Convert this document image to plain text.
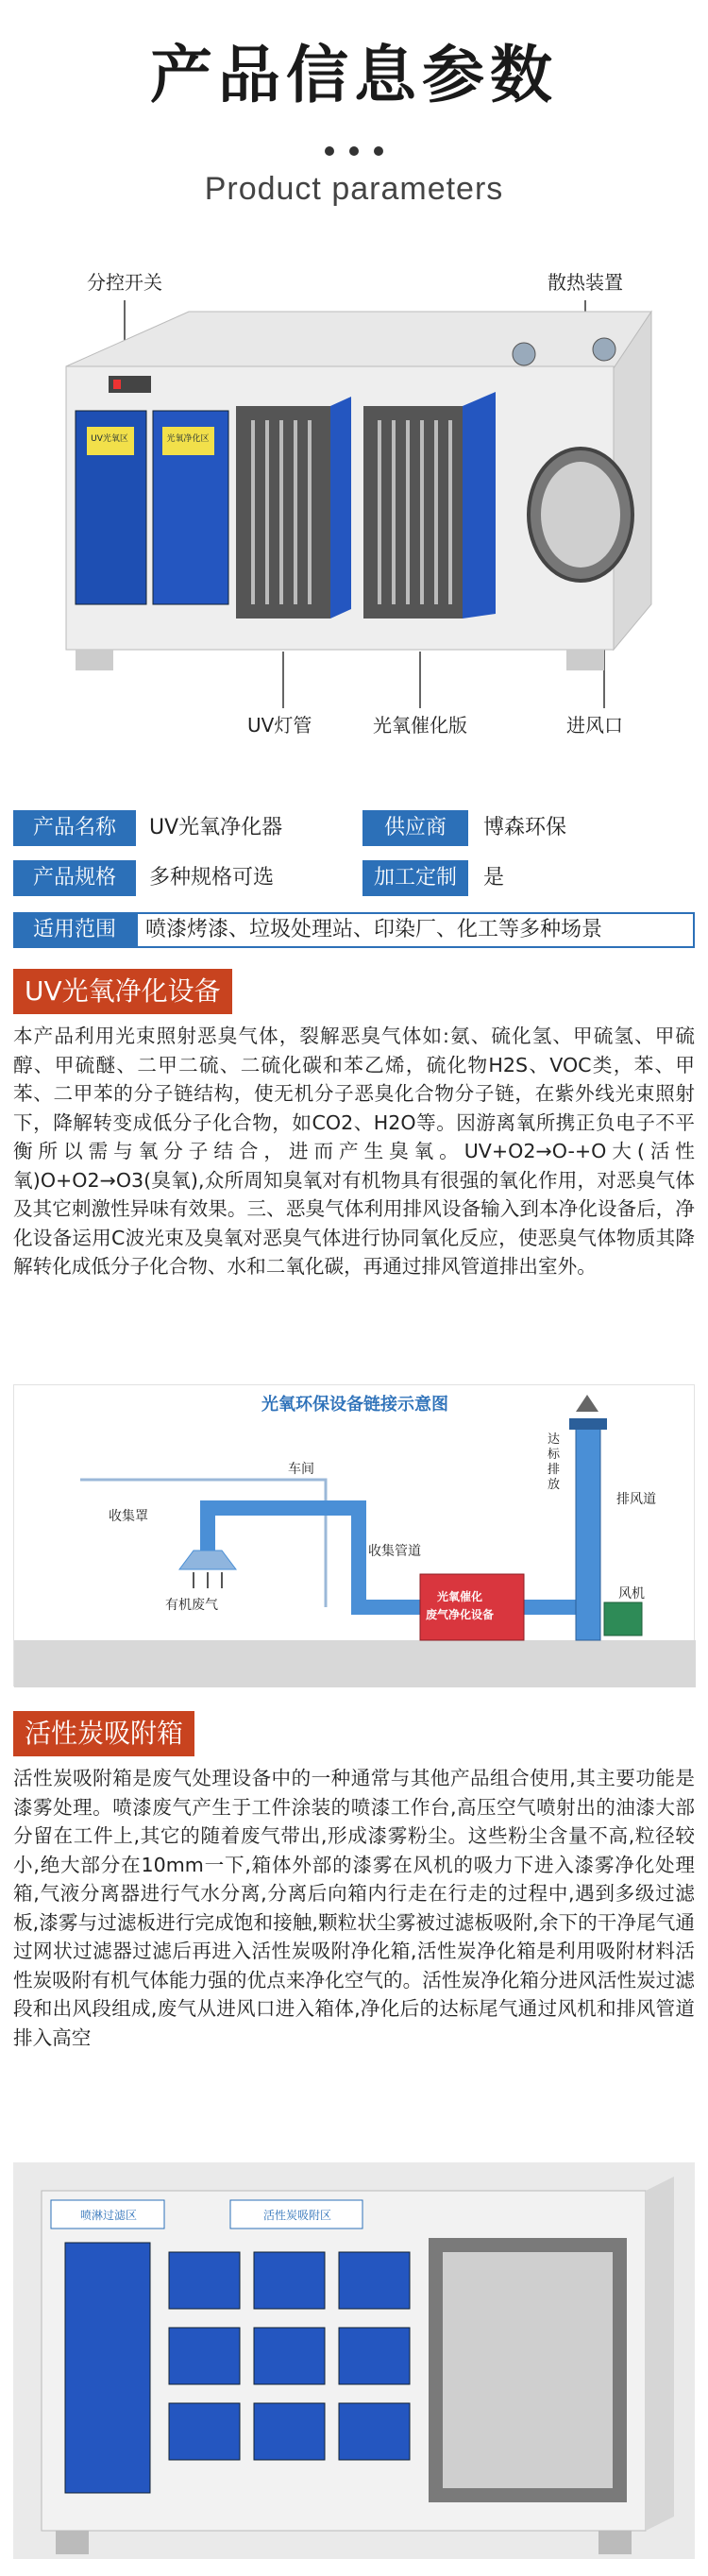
产品信息参数
Product parameters
分控开关	散热装置
UV光氧区	光氧净化区
UV灯管	光氧催化版	进风口
产品名称	UV光氧净化器	供应商	博森环保
产品规格	多种规格可选	加工定制	是
适用范围	喷漆烤漆、垃圾处理站、印染厂、化工等多种场景
UV光氧净化设备
本产品利用光束照射恶臭气体，裂解恶臭气体如:氨、硫化氢、甲硫氢、甲硫醇、甲硫醚、二甲二硫、二硫化碳和苯乙烯，硫化物H2S、VOC类，苯、甲苯、二甲苯的分子链结构，使无机分子恶臭化合物分子链，在紫外线光束照射下，降解转变成低分子化合物，如CO2、H2O等。因游离氧所携正负电子不平衡所以需与氧分子结合，进而产生臭氧。UV+O2→O-+O大(活性氧)O+O2→O3(臭氧),众所周知臭氧对有机物具有很强的氧化作用，对恶臭气体及其它刺激性异味有效果。三、恶臭气体利用排风设备输入到本净化设备后，净化设备运用C波光束及臭氧对恶臭气体进行协同氧化反应，使恶臭气体物质其降解转化成低分子化合物、水和二氧化碳，再通过排风管道排出室外。
光氧环保设备链接示意图
车间
收集罩
有机废气
收集管道
光氧催化
废气净化设备
达标排放
排风道
风机
活性炭吸附箱
活性炭吸附箱是废气处理设备中的一种通常与其他产品组合使用,其主要功能是漆雾处理。喷漆废气产生于工件涂装的喷漆工作台,高压空气喷射出的油漆大部分留在工件上,其它的随着废气带出,形成漆雾粉尘。这些粉尘含量不高,粒径较小,绝大部分在10mm一下,箱体外部的漆雾在风机的吸力下进入漆雾净化处理箱,气液分离器进行气水分离,分离后向箱内行走在行走的过程中,遇到多级过滤板,漆雾与过滤板进行完成饱和接触,颗粒状尘雾被过滤板吸附,余下的干净尾气通过网状过滤器过滤后再进入活性炭吸附净化箱,活性炭净化箱是利用吸附材料活性炭吸附有机气体能力强的优点来净化空气的。活性炭净化箱分进风活性炭过滤段和出风段组成,废气从进风口进入箱体,净化后的达标尾气通过风机和排风管道排入高空
喷淋过滤区	活性炭吸附区
